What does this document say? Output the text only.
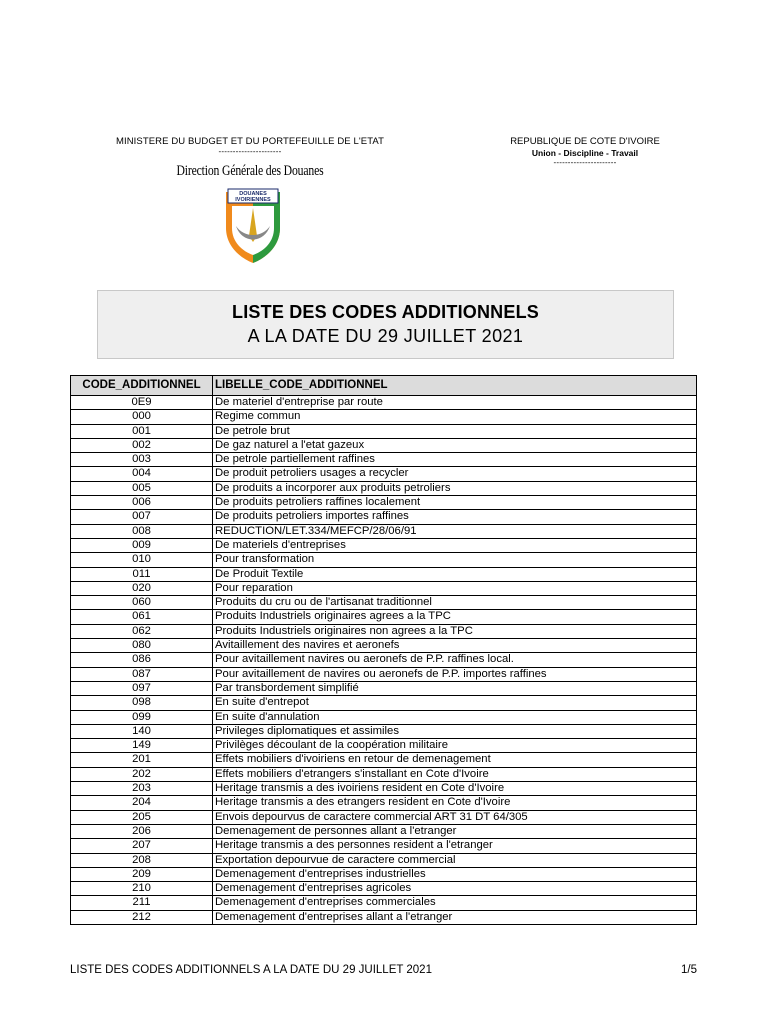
MINISTERE DU BUDGET ET DU PORTEFEUILLE DE L'ETAT
----------------------
REPUBLIQUE DE COTE D'IVOIRE
Union - Discipline - Travail
----------------------
Direction Générale des Douanes
DOUANES
IVOIRIENNES
LISTE DES CODES ADDITIONNELS
A LA DATE DU 29 JUILLET 2021
CODE_ADDITIONNEL	LIBELLE_CODE_ADDITIONNEL
0E9	De materiel d'entreprise par route
000	Regime commun
001	De petrole brut
002	De gaz naturel a l'etat gazeux
003	De petrole partiellement raffines
004	De produit petroliers usages a recycler
005	De produits a incorporer aux produits petroliers
006	De produits petroliers raffines localement
007	De produits petroliers importes raffines
008	REDUCTION/LET.334/MEFCP/28/06/91
009	De materiels d'entreprises
010	Pour transformation
011	De Produit Textile
020	Pour reparation
060	Produits du cru ou de l'artisanat traditionnel
061	Produits Industriels originaires agrees a la TPC
062	Produits Industriels originaires non agrees a la TPC
080	Avitaillement des navires et aeronefs
086	Pour avitaillement navires ou aeronefs de P.P. raffines local.
087	Pour avitaillement de navires ou aeronefs de P.P. importes raffines
097	Par transbordement simplifié
098	En suite d'entrepot
099	En suite d'annulation
140	Privileges diplomatiques et assimiles
149	Privilèges découlant de la coopération militaire
201	Effets mobiliers d'ivoiriens en retour de demenagement
202	Effets mobiliers d'etrangers s'installant en Cote d'Ivoire
203	Heritage transmis a des ivoiriens resident en Cote d'Ivoire
204	Heritage transmis a des etrangers resident en Cote d'Ivoire
205	Envois depourvus de caractere commercial ART 31 DT 64/305
206	Demenagement de personnes allant a l'etranger
207	Heritage transmis a des personnes resident a l'etranger
208	Exportation depourvue de caractere commercial
209	Demenagement d'entreprises industrielles
210	Demenagement d'entreprises agricoles
211	Demenagement d'entreprises commerciales
212	Demenagement d'entreprises allant a l'etranger
LISTE DES CODES ADDITIONNELS A LA DATE DU 29 JUILLET 2021	1/5
